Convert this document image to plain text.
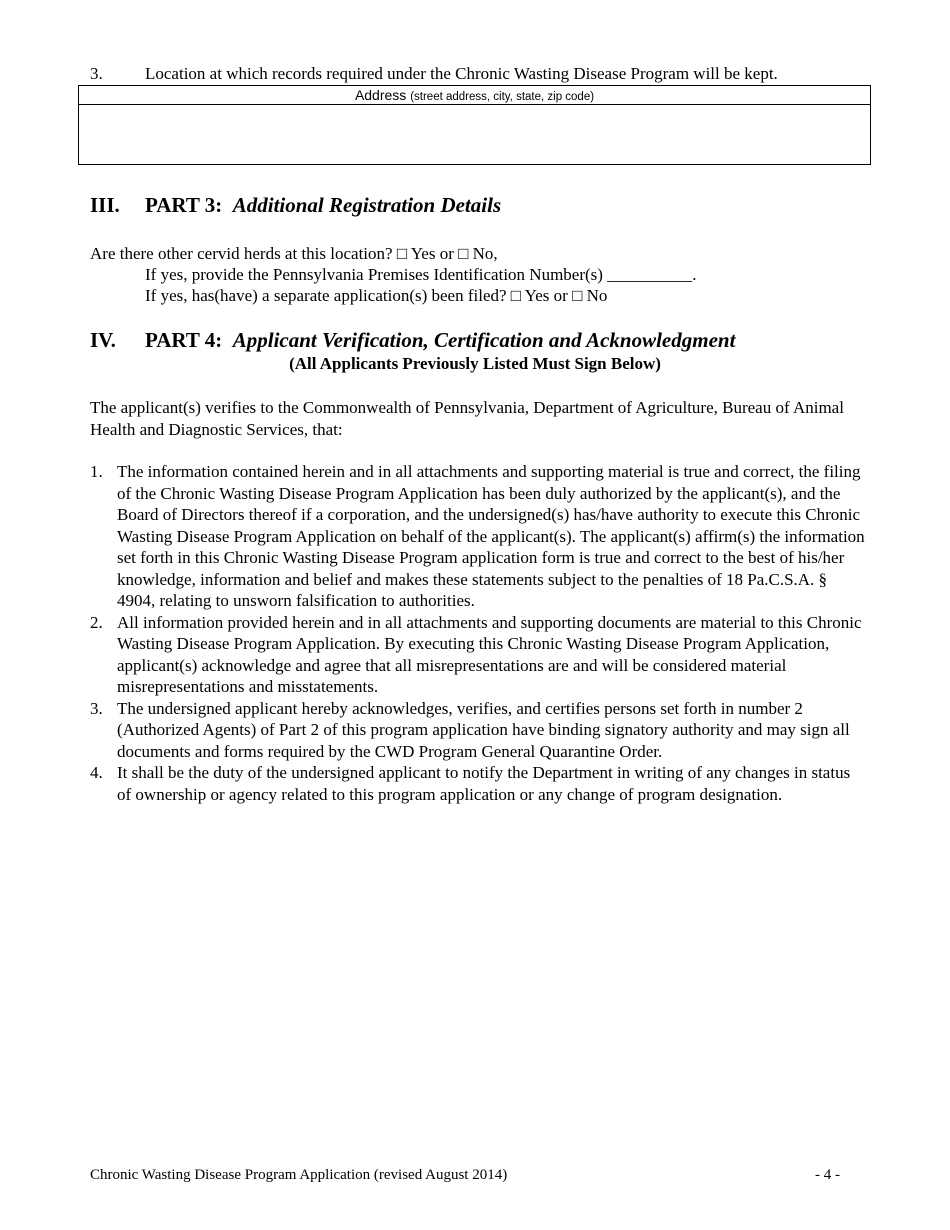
3. Location at which records required under the Chronic Wasting Disease Program will be kept.
Address (street address, city, state, zip code)
III. PART 3: Additional Registration Details
Are there other cervid herds at this location? □ Yes or □ No,
If yes, provide the Pennsylvania Premises Identification Number(s) __________.
If yes, has(have) a separate application(s) been filed? □ Yes or □ No
IV. PART 4: Applicant Verification, Certification and Acknowledgment
(All Applicants Previously Listed Must Sign Below)
The applicant(s) verifies to the Commonwealth of Pennsylvania, Department of Agriculture, Bureau of Animal Health and Diagnostic Services, that:
1. The information contained herein and in all attachments and supporting material is true and correct, the filing of the Chronic Wasting Disease Program Application has been duly authorized by the applicant(s), and the Board of Directors thereof if a corporation, and the undersigned(s) has/have authority to execute this Chronic Wasting Disease Program Application on behalf of the applicant(s). The applicant(s) affirm(s) the information set forth in this Chronic Wasting Disease Program application form is true and correct to the best of his/her knowledge, information and belief and makes these statements subject to the penalties of 18 Pa.C.S.A. § 4904, relating to unsworn falsification to authorities.
2. All information provided herein and in all attachments and supporting documents are material to this Chronic Wasting Disease Program Application. By executing this Chronic Wasting Disease Program Application, applicant(s) acknowledge and agree that all misrepresentations are and will be considered material misrepresentations and misstatements.
3. The undersigned applicant hereby acknowledges, verifies, and certifies persons set forth in number 2 (Authorized Agents) of Part 2 of this program application have binding signatory authority and may sign all documents and forms required by the CWD Program General Quarantine Order.
4. It shall be the duty of the undersigned applicant to notify the Department in writing of any changes in status of ownership or agency related to this program application or any change of program designation.
Chronic Wasting Disease Program Application (revised August 2014)	- 4 -
